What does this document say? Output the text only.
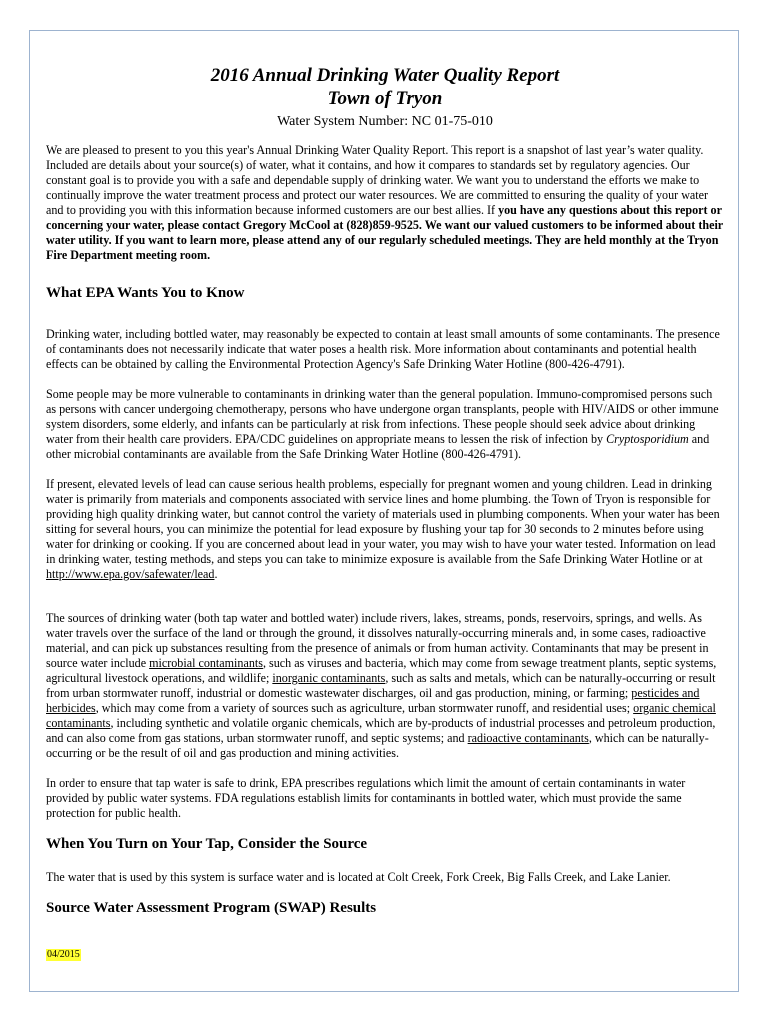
2016 Annual Drinking Water Quality Report
Town of Tryon
Water System Number: NC 01-75-010

We are pleased to present to you this year's Annual Drinking Water Quality Report. This report is a snapshot of last year’s water quality. Included are details about your source(s) of water, what it contains, and how it compares to standards set by regulatory agencies. Our constant goal is to provide you with a safe and dependable supply of drinking water. We want you to understand the efforts we make to continually improve the water treatment process and protect our water resources. We are committed to ensuring the quality of your water and to providing you with this information because informed customers are our best allies. If you have any questions about this report or concerning your water, please contact Gregory McCool at (828)859-9525. We want our valued customers to be informed about their water utility. If you want to learn more, please attend any of our regularly scheduled meetings. They are held monthly at the Tryon Fire Department meeting room.

What EPA Wants You to Know

Drinking water, including bottled water, may reasonably be expected to contain at least small amounts of some contaminants. The presence of contaminants does not necessarily indicate that water poses a health risk. More information about contaminants and potential health effects can be obtained by calling the Environmental Protection Agency's Safe Drinking Water Hotline (800-426-4791).

Some people may be more vulnerable to contaminants in drinking water than the general population. Immuno-compromised persons such as persons with cancer undergoing chemotherapy, persons who have undergone organ transplants, people with HIV/AIDS or other immune system disorders, some elderly, and infants can be particularly at risk from infections. These people should seek advice about drinking water from their health care providers. EPA/CDC guidelines on appropriate means to lessen the risk of infection by Cryptosporidium and other microbial contaminants are available from the Safe Drinking Water Hotline (800-426-4791).

If present, elevated levels of lead can cause serious health problems, especially for pregnant women and young children. Lead in drinking water is primarily from materials and components associated with service lines and home plumbing. the Town of Tryon is responsible for providing high quality drinking water, but cannot control the variety of materials used in plumbing components. When your water has been sitting for several hours, you can minimize the potential for lead exposure by flushing your tap for 30 seconds to 2 minutes before using water for drinking or cooking. If you are concerned about lead in your water, you may wish to have your water tested. Information on lead in drinking water, testing methods, and steps you can take to minimize exposure is available from the Safe Drinking Water Hotline or at http://www.epa.gov/safewater/lead.

The sources of drinking water (both tap water and bottled water) include rivers, lakes, streams, ponds, reservoirs, springs, and wells. As water travels over the surface of the land or through the ground, it dissolves naturally-occurring minerals and, in some cases, radioactive material, and can pick up substances resulting from the presence of animals or from human activity. Contaminants that may be present in source water include microbial contaminants, such as viruses and bacteria, which may come from sewage treatment plants, septic systems, agricultural livestock operations, and wildlife; inorganic contaminants, such as salts and metals, which can be naturally-occurring or result from urban stormwater runoff, industrial or domestic wastewater discharges, oil and gas production, mining, or farming; pesticides and herbicides, which may come from a variety of sources such as agriculture, urban stormwater runoff, and residential uses; organic chemical contaminants, including synthetic and volatile organic chemicals, which are by-products of industrial processes and petroleum production, and can also come from gas stations, urban stormwater runoff, and septic systems; and radioactive contaminants, which can be naturally-occurring or be the result of oil and gas production and mining activities.

In order to ensure that tap water is safe to drink, EPA prescribes regulations which limit the amount of certain contaminants in water provided by public water systems. FDA regulations establish limits for contaminants in bottled water, which must provide the same protection for public health.

When You Turn on Your Tap, Consider the Source

The water that is used by this system is surface water and is located at Colt Creek, Fork Creek, Big Falls Creek, and Lake Lanier.

Source Water Assessment Program (SWAP) Results
04/2015
